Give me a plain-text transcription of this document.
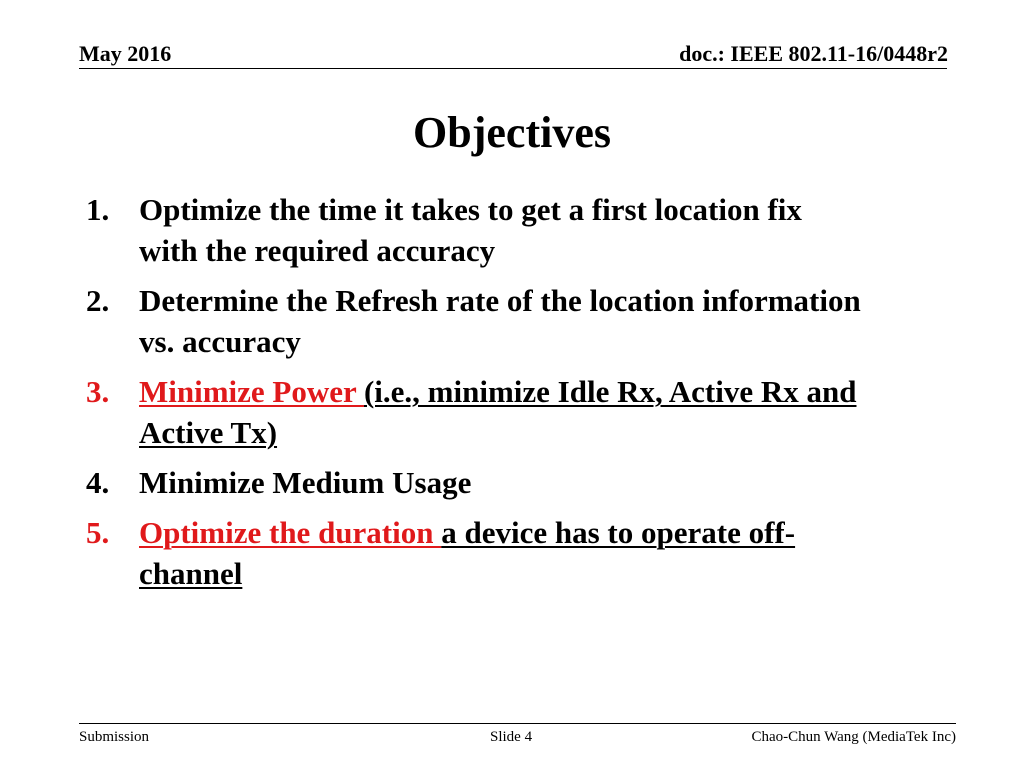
May 2016	doc.: IEEE 802.11-16/0448r2
Objectives
1. Optimize the time it takes to get a first location fix
with the required accuracy
2. Determine the Refresh rate of the location information
vs. accuracy
3. Minimize Power (i.e., minimize Idle Rx, Active Rx and
Active Tx)
4. Minimize Medium Usage
5. Optimize the duration a device has to operate off-
channel
Submission	Slide 4	Chao-Chun Wang (MediaTek Inc)
